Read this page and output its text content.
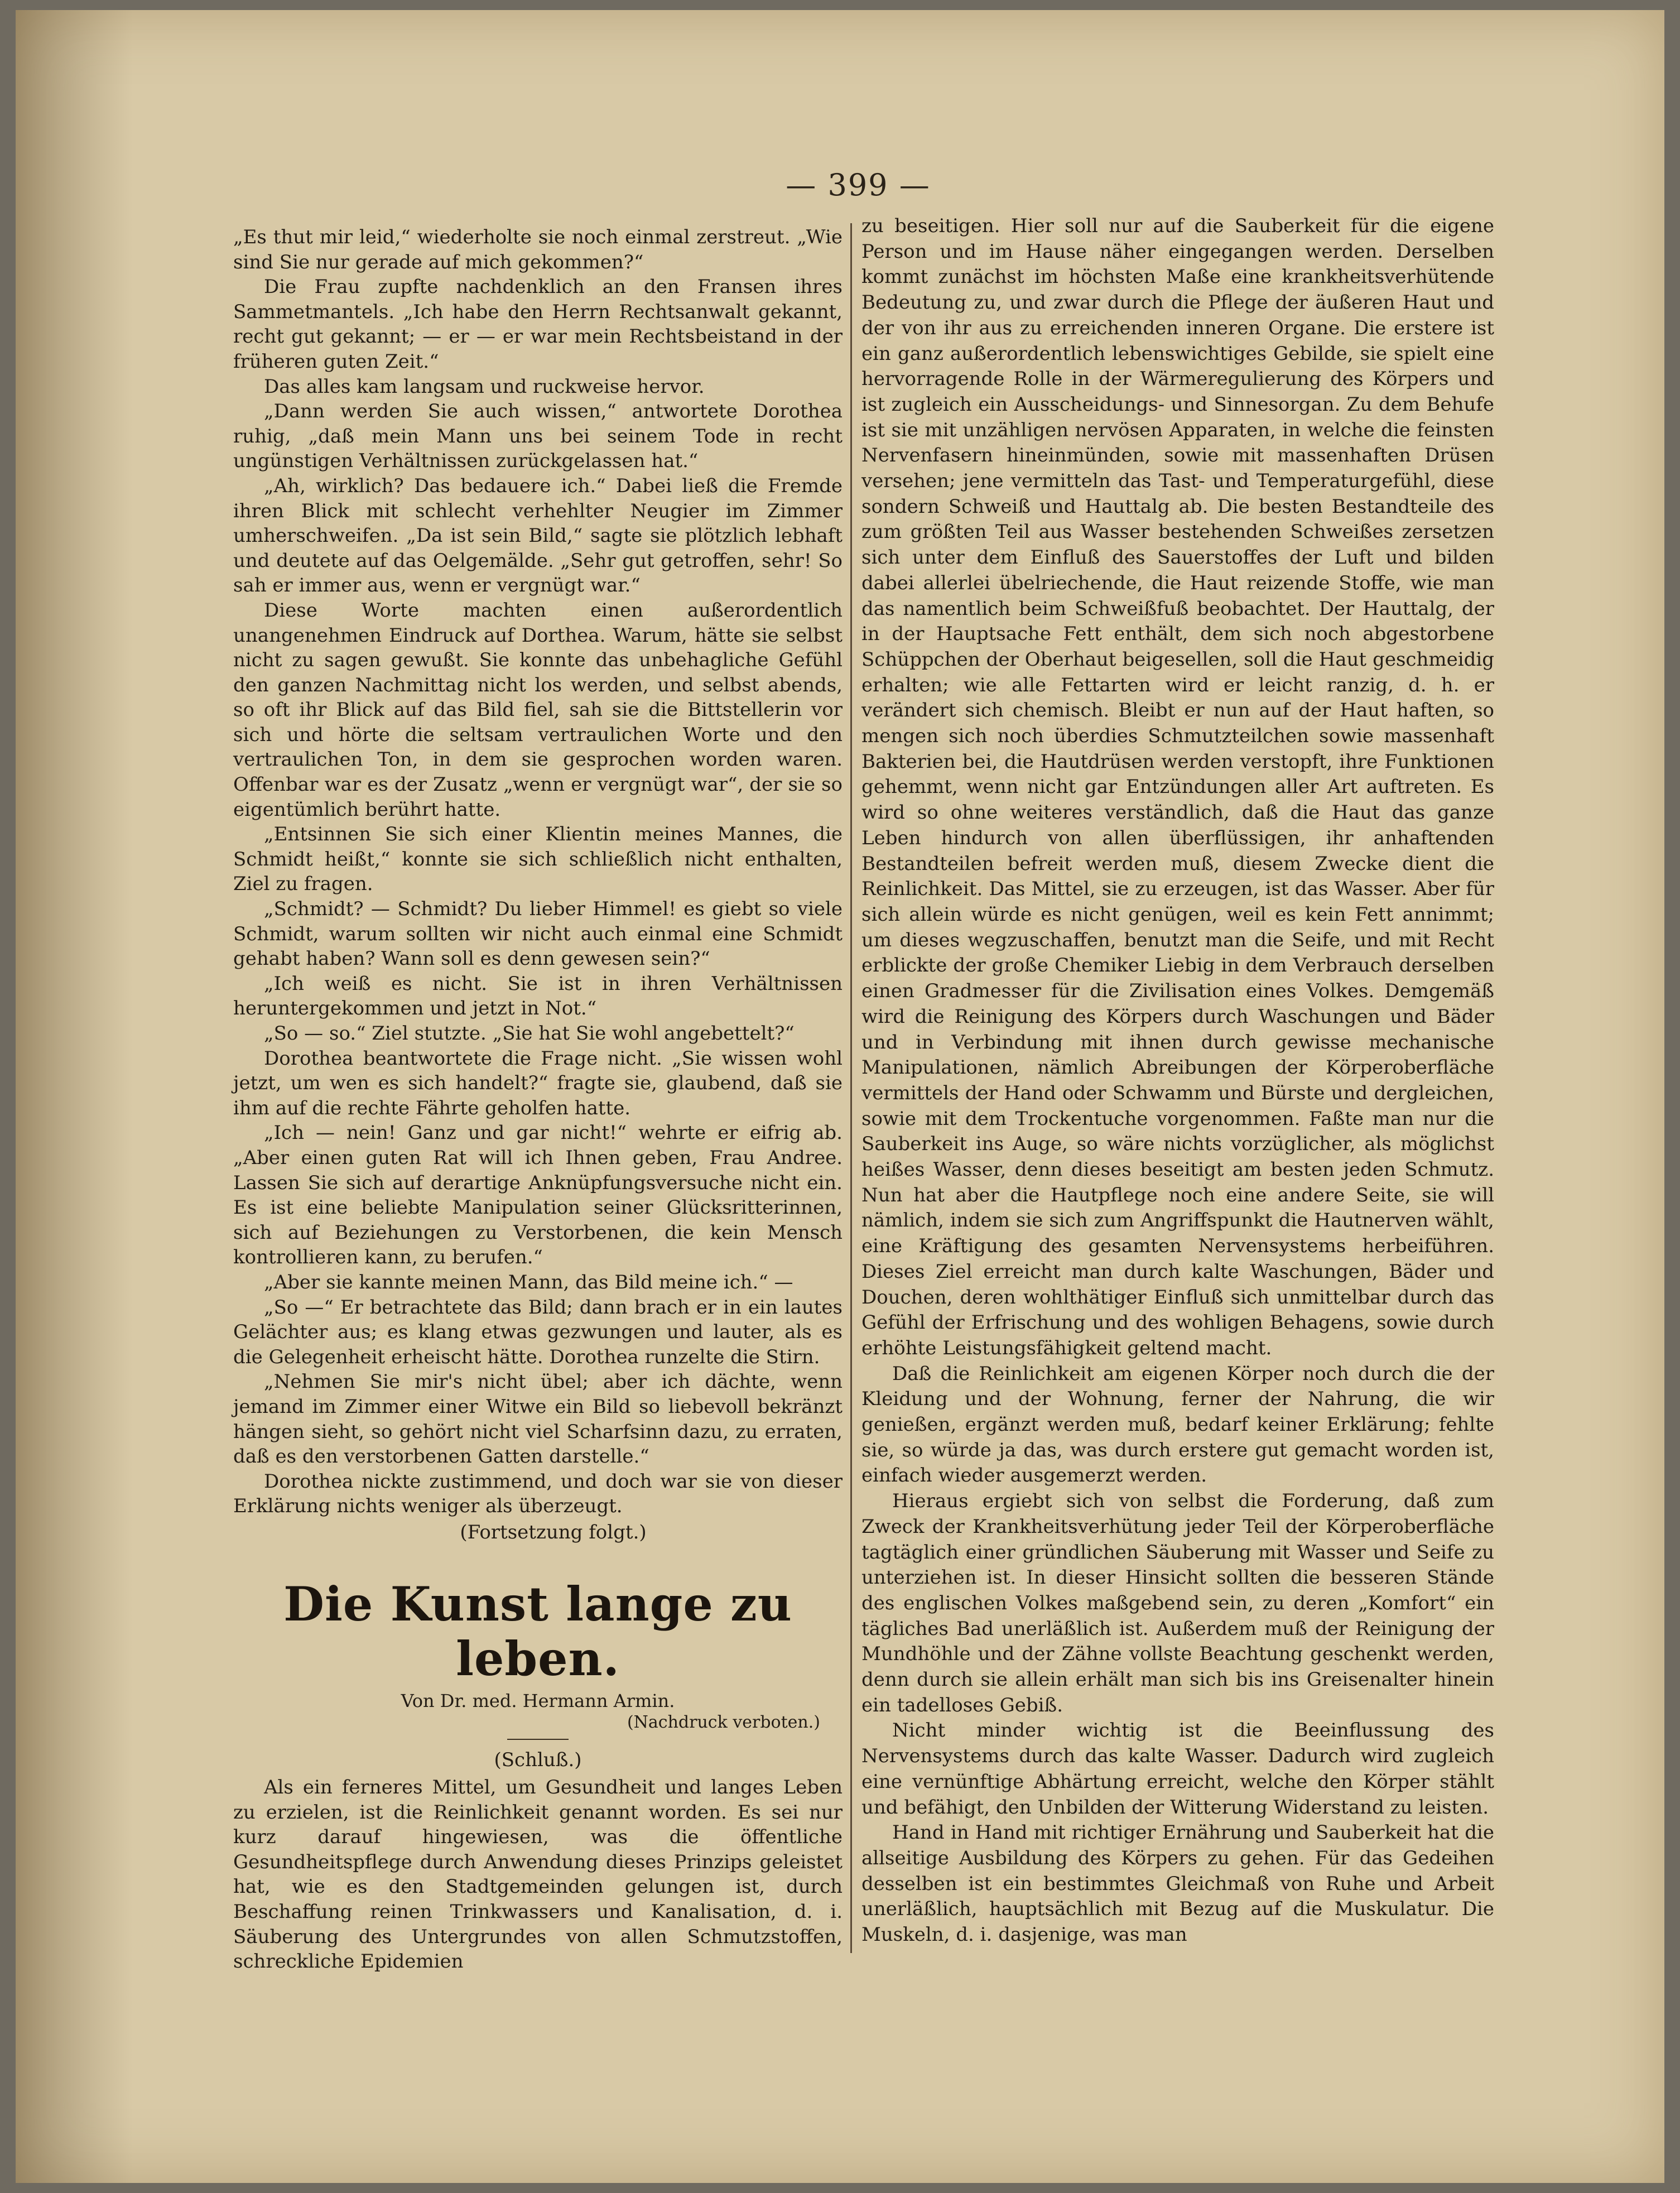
— 399 —

„Es thut mir leid,“ wiederholte sie noch einmal zerstreut. „Wie sind Sie nur gerade auf mich gekommen?“

Die Frau zupfte nachdenklich an den Fransen ihres Sammetmantels. „Ich habe den Herrn Rechtsanwalt gekannt, recht gut gekannt; — er — er war mein Rechtsbeistand in der früheren guten Zeit.“

Das alles kam langsam und ruckweise hervor.

„Dann werden Sie auch wissen,“ antwortete Dorothea ruhig, „daß mein Mann uns bei seinem Tode in recht ungünstigen Verhältnissen zurückgelassen hat.“

„Ah, wirklich? Das bedauere ich.“ Dabei ließ die Fremde ihren Blick mit schlecht verhehlter Neugier im Zimmer umherschweifen. „Da ist sein Bild,“ sagte sie plötzlich lebhaft und deutete auf das Oelgemälde. „Sehr gut getroffen, sehr! So sah er immer aus, wenn er vergnügt war.“

Diese Worte machten einen außerordentlich unangenehmen Eindruck auf Dorthea. Warum, hätte sie selbst nicht zu sagen gewußt. Sie konnte das unbehagliche Gefühl den ganzen Nachmittag nicht los werden, und selbst abends, so oft ihr Blick auf das Bild fiel, sah sie die Bittstellerin vor sich und hörte die seltsam vertraulichen Worte und den vertraulichen Ton, in dem sie gesprochen worden waren. Offenbar war es der Zusatz „wenn er vergnügt war“, der sie so eigentümlich berührt hatte.

„Entsinnen Sie sich einer Klientin meines Mannes, die Schmidt heißt,“ konnte sie sich schließlich nicht enthalten, Ziel zu fragen.

„Schmidt? — Schmidt? Du lieber Himmel! es giebt so viele Schmidt, warum sollten wir nicht auch einmal eine Schmidt gehabt haben? Wann soll es denn gewesen sein?“

„Ich weiß es nicht. Sie ist in ihren Verhältnissen heruntergekommen und jetzt in Not.“

„So — so.“ Ziel stutzte. „Sie hat Sie wohl angebettelt?“

Dorothea beantwortete die Frage nicht. „Sie wissen wohl jetzt, um wen es sich handelt?“ fragte sie, glaubend, daß sie ihm auf die rechte Fährte geholfen hatte.

„Ich — nein! Ganz und gar nicht!“ wehrte er eifrig ab. „Aber einen guten Rat will ich Ihnen geben, Frau Andree. Lassen Sie sich auf derartige Anknüpfungsversuche nicht ein. Es ist eine beliebte Manipulation seiner Glücksritterinnen, sich auf Beziehungen zu Verstorbenen, die kein Mensch kontrollieren kann, zu berufen.“

„Aber sie kannte meinen Mann, das Bild meine ich.“ —

„So —“ Er betrachtete das Bild; dann brach er in ein lautes Gelächter aus; es klang etwas gezwungen und lauter, als es die Gelegenheit erheischt hätte. Dorothea runzelte die Stirn.

„Nehmen Sie mir's nicht übel; aber ich dächte, wenn jemand im Zimmer einer Witwe ein Bild so liebevoll bekränzt hängen sieht, so gehört nicht viel Scharfsinn dazu, zu erraten, daß es den verstorbenen Gatten darstelle.“

Dorothea nickte zustimmend, und doch war sie von dieser Erklärung nichts weniger als überzeugt.

(Fortsetzung folgt.)

Die Kunst lange zu leben.
Von Dr. med. Hermann Armin.
(Nachdruck verboten.)
(Schluß.)

Als ein ferneres Mittel, um Gesundheit und langes Leben zu erzielen, ist die Reinlichkeit genannt worden. Es sei nur kurz darauf hingewiesen, was die öffentliche Gesundheitspflege durch Anwendung dieses Prinzips geleistet hat, wie es den Stadtgemeinden gelungen ist, durch Beschaffung reinen Trinkwassers und Kanalisation, d. i. Säuberung des Untergrundes von allen Schmutzstoffen, schreckliche Epidemien

zu beseitigen. Hier soll nur auf die Sauberkeit für die eigene Person und im Hause näher eingegangen werden. Derselben kommt zunächst im höchsten Maße eine krankheitsverhütende Bedeutung zu, und zwar durch die Pflege der äußeren Haut und der von ihr aus zu erreichenden inneren Organe. Die erstere ist ein ganz außerordentlich lebenswichtiges Gebilde, sie spielt eine hervorragende Rolle in der Wärmeregulierung des Körpers und ist zugleich ein Ausscheidungs- und Sinnesorgan. Zu dem Behufe ist sie mit unzähligen nervösen Apparaten, in welche die feinsten Nervenfasern hineinmünden, sowie mit massenhaften Drüsen versehen; jene vermitteln das Tast- und Temperaturgefühl, diese sondern Schweiß und Hauttalg ab. Die besten Bestandteile des zum größten Teil aus Wasser bestehenden Schweißes zersetzen sich unter dem Einfluß des Sauerstoffes der Luft und bilden dabei allerlei übelriechende, die Haut reizende Stoffe, wie man das namentlich beim Schweißfuß beobachtet. Der Hauttalg, der in der Hauptsache Fett enthält, dem sich noch abgestorbene Schüppchen der Oberhaut beigesellen, soll die Haut geschmeidig erhalten; wie alle Fettarten wird er leicht ranzig, d. h. er verändert sich chemisch. Bleibt er nun auf der Haut haften, so mengen sich noch überdies Schmutzteilchen sowie massenhaft Bakterien bei, die Hautdrüsen werden verstopft, ihre Funktionen gehemmt, wenn nicht gar Entzündungen aller Art auftreten. Es wird so ohne weiteres verständlich, daß die Haut das ganze Leben hindurch von allen überflüssigen, ihr anhaftenden Bestandteilen befreit werden muß, diesem Zwecke dient die Reinlichkeit. Das Mittel, sie zu erzeugen, ist das Wasser. Aber für sich allein würde es nicht genügen, weil es kein Fett annimmt; um dieses wegzuschaffen, benutzt man die Seife, und mit Recht erblickte der große Chemiker Liebig in dem Verbrauch derselben einen Gradmesser für die Zivilisation eines Volkes. Demgemäß wird die Reinigung des Körpers durch Waschungen und Bäder und in Verbindung mit ihnen durch gewisse mechanische Manipulationen, nämlich Abreibungen der Körperoberfläche vermittels der Hand oder Schwamm und Bürste und dergleichen, sowie mit dem Trockentuche vorgenommen. Faßte man nur die Sauberkeit ins Auge, so wäre nichts vorzüglicher, als möglichst heißes Wasser, denn dieses beseitigt am besten jeden Schmutz. Nun hat aber die Hautpflege noch eine andere Seite, sie will nämlich, indem sie sich zum Angriffspunkt die Hautnerven wählt, eine Kräftigung des gesamten Nervensystems herbeiführen. Dieses Ziel erreicht man durch kalte Waschungen, Bäder und Douchen, deren wohlthätiger Einfluß sich unmittelbar durch das Gefühl der Erfrischung und des wohligen Behagens, sowie durch erhöhte Leistungsfähigkeit geltend macht.

Daß die Reinlichkeit am eigenen Körper noch durch die der Kleidung und der Wohnung, ferner der Nahrung, die wir genießen, ergänzt werden muß, bedarf keiner Erklärung; fehlte sie, so würde ja das, was durch erstere gut gemacht worden ist, einfach wieder ausgemerzt werden.

Hieraus ergiebt sich von selbst die Forderung, daß zum Zweck der Krankheitsverhütung jeder Teil der Körperoberfläche tagtäglich einer gründlichen Säuberung mit Wasser und Seife zu unterziehen ist. In dieser Hinsicht sollten die besseren Stände des englischen Volkes maßgebend sein, zu deren „Komfort“ ein tägliches Bad unerläßlich ist. Außerdem muß der Reinigung der Mundhöhle und der Zähne vollste Beachtung geschenkt werden, denn durch sie allein erhält man sich bis ins Greisenalter hinein ein tadelloses Gebiß.

Nicht minder wichtig ist die Beeinflussung des Nervensystems durch das kalte Wasser. Dadurch wird zugleich eine vernünftige Abhärtung erreicht, welche den Körper stählt und befähigt, den Unbilden der Witterung Widerstand zu leisten.

Hand in Hand mit richtiger Ernährung und Sauberkeit hat die allseitige Ausbildung des Körpers zu gehen. Für das Gedeihen desselben ist ein bestimmtes Gleichmaß von Ruhe und Arbeit unerläßlich, hauptsächlich mit Bezug auf die Muskulatur. Die Muskeln, d. i. dasjenige, was man
